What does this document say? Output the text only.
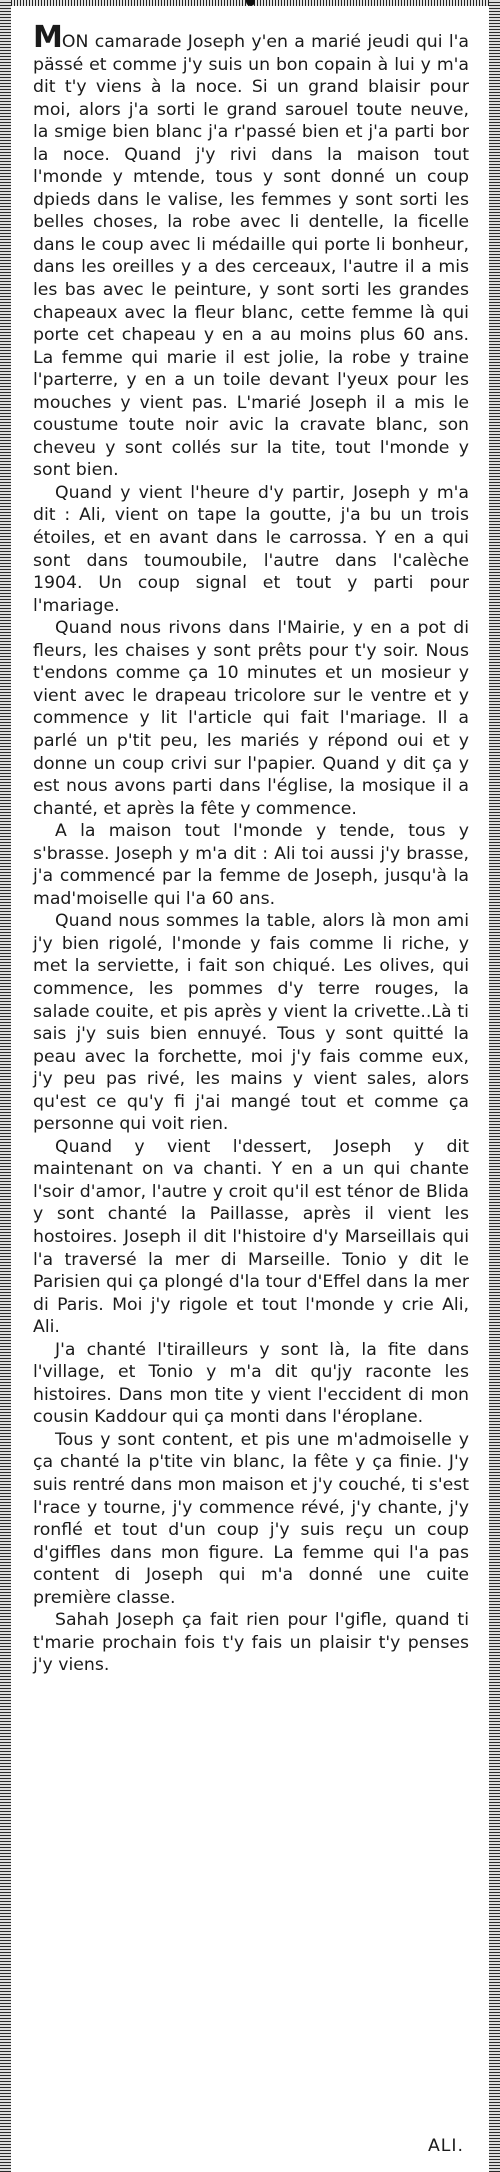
MON camarade Joseph y'en a marié jeudi qui l'a pässé et comme j'y suis un bon copain à lui y m'a dit t'y viens à la noce. Si un grand blaisir pour moi, alors j'a sorti le grand sarouel toute neuve, la smige bien blanc j'a r'passé bien et j'a parti bor la noce. Quand j'y rivi dans la maison tout l'monde y mtende, tous y sont donné un coup dpieds dans le valise, les femmes y sont sorti les belles choses, la robe avec li dentelle, la ficelle dans le coup avec li médaille qui porte li bonheur, dans les oreilles y a des cerceaux, l'autre il a mis les bas avec le peinture, y sont sorti les grandes chapeaux avec la fleur blanc, cette femme là qui porte cet chapeau y en a au moins plus 60 ans. La femme qui marie il est jolie, la robe y traine l'parterre, y en a un toile devant l'yeux pour les mouches y vient pas. L'marié Joseph il a mis le coustume toute noir avic la cravate blanc, son cheveu y sont collés sur la tite, tout l'monde y sont bien.

Quand y vient l'heure d'y partir, Joseph y m'a dit : Ali, vient on tape la goutte, j'a bu un trois étoiles, et en avant dans le carrossa. Y en a qui sont dans toumoubile, l'autre dans l'calèche 1904. Un coup signal et tout y parti pour l'mariage.

Quand nous rivons dans l'Mairie, y en a pot di fleurs, les chaises y sont prêts pour t'y soir. Nous t'endons comme ça 10 minutes et un mosieur y vient avec le drapeau tricolore sur le ventre et y commence y lit l'article qui fait l'mariage. Il a parlé un p'tit peu, les mariés y répond oui et y donne un coup crivi sur l'papier. Quand y dit ça y est nous avons parti dans l'église, la mosique il a chanté, et après la fête y commence.

A la maison tout l'monde y tende, tous y s'brasse. Joseph y m'a dit : Ali toi aussi j'y brasse, j'a commencé par la femme de Joseph, jusqu'à la mad'moiselle qui l'a 60 ans.

Quand nous sommes la table, alors là mon ami j'y bien rigolé, l'monde y fais comme li riche, y met la serviette, i fait son chiqué. Les olives, qui commence, les pommes d'y terre rouges, la salade couite, et pis après y vient la crivette..Là ti sais j'y suis bien ennuyé. Tous y sont quitté la peau avec la forchette, moi j'y fais comme eux, j'y peu pas rivé, les mains y vient sales, alors qu'est ce qu'y fi j'ai mangé tout et comme ça personne qui voit rien.

Quand y vient l'dessert, Joseph y dit maintenant on va chanti. Y en a un qui chante l'soir d'amor, l'autre y croit qu'il est ténor de Blida y sont chanté la Paillasse, après il vient les hostoires. Joseph il dit l'histoire d'y Marseillais qui l'a traversé la mer di Marseille. Tonio y dit le Parisien qui ça plongé d'la tour d'Effel dans la mer di Paris. Moi j'y rigole et tout l'monde y crie Ali, Ali.

J'a chanté l'tirailleurs y sont là, la fite dans l'village, et Tonio y m'a dit qu'jy raconte les histoires. Dans mon tite y vient l'eccident di mon cousin Kaddour qui ça monti dans l'éroplane.

Tous y sont content, et pis une m'admoiselle y ça chanté la p'tite vin blanc, la fête y ça finie. J'y suis rentré dans mon maison et j'y couché, ti s'est l'race y tourne, j'y commence révé, j'y chante, j'y ronflé et tout d'un coup j'y suis reçu un coup d'giffles dans mon figure. La femme qui l'a pas content di Joseph qui m'a donné une cuite première classe.

Sahah Joseph ça fait rien pour l'gifle, quand ti t'marie prochain fois t'y fais un plaisir t'y penses j'y viens.

ALI.
